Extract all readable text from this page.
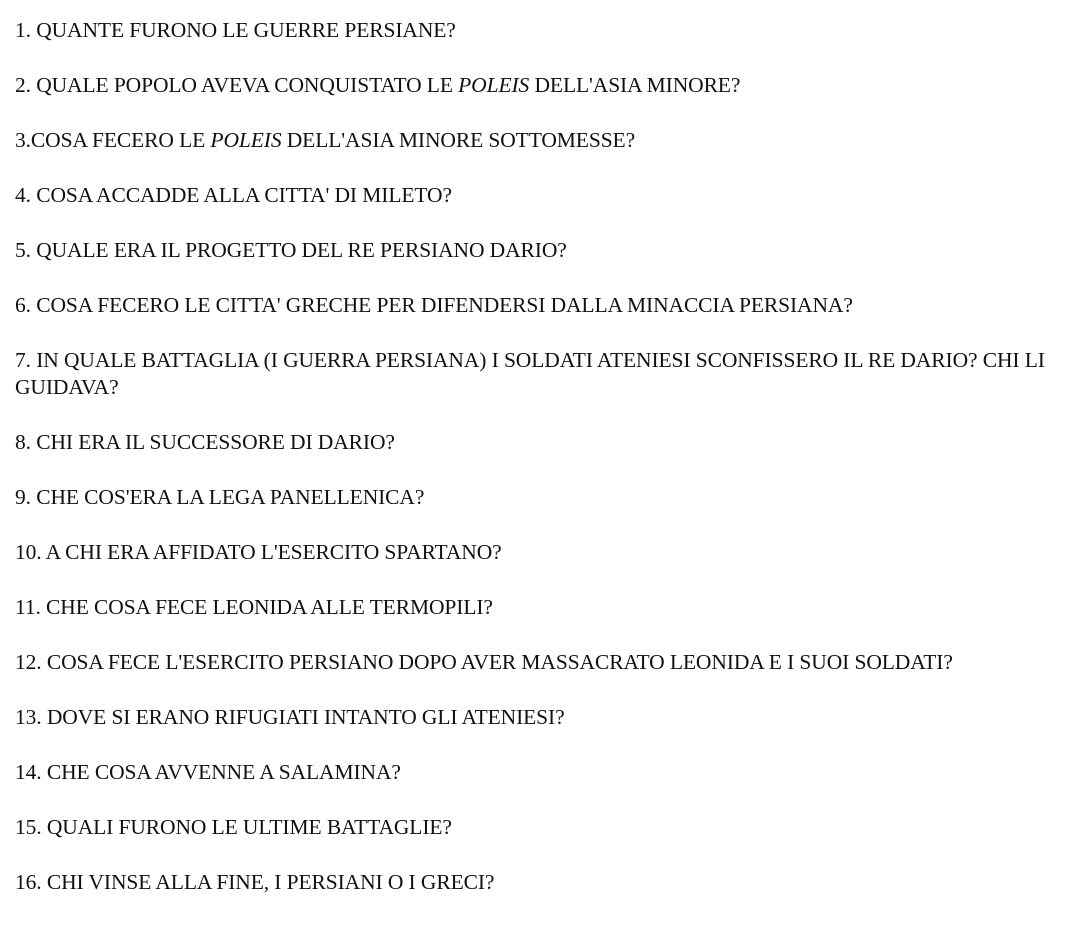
1. QUANTE FURONO LE GUERRE PERSIANE?

2. QUALE POPOLO AVEVA CONQUISTATO LE POLEIS DELL'ASIA MINORE?

3.COSA FECERO LE POLEIS DELL'ASIA MINORE SOTTOMESSE?

4. COSA ACCADDE ALLA CITTA' DI MILETO?

5. QUALE ERA IL PROGETTO DEL RE PERSIANO DARIO?

6. COSA FECERO LE CITTA' GRECHE PER DIFENDERSI DALLA MINACCIA PERSIANA?

7. IN QUALE BATTAGLIA (I GUERRA PERSIANA) I SOLDATI ATENIESI SCONFISSERO IL RE DARIO? CHI LI GUIDAVA?

8. CHI ERA IL SUCCESSORE DI DARIO?

9. CHE COS'ERA LA LEGA PANELLENICA?

10. A CHI ERA AFFIDATO L'ESERCITO SPARTANO?

11. CHE COSA FECE LEONIDA ALLE TERMOPILI?

12. COSA FECE L'ESERCITO PERSIANO DOPO AVER MASSACRATO LEONIDA E I SUOI SOLDATI?

13. DOVE SI ERANO RIFUGIATI INTANTO GLI ATENIESI?

14. CHE COSA AVVENNE A SALAMINA?

15. QUALI FURONO LE ULTIME BATTAGLIE?

16. CHI VINSE ALLA FINE, I PERSIANI O I GRECI?
